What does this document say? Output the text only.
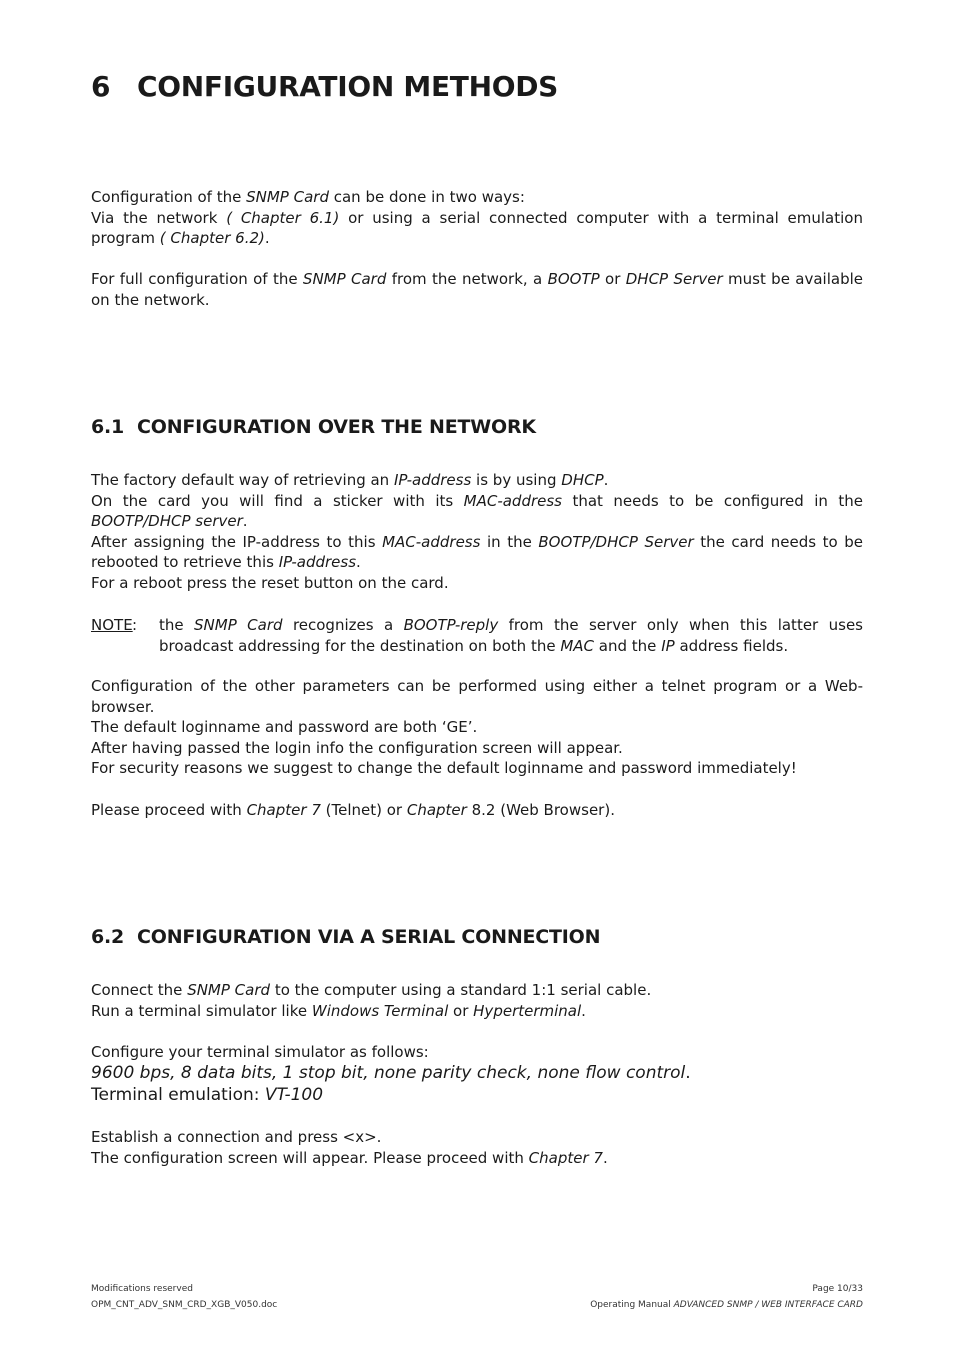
6 CONFIGURATION METHODS

Configuration of the SNMP Card can be done in two ways:

Via the network ( Chapter 6.1) or using a serial connected computer with a terminal emulation program ( Chapter 6.2).

For full configuration of the SNMP Card from the network, a BOOTP or DHCP Server must be available on the network.

6.1 CONFIGURATION OVER THE NETWORK

The factory default way of retrieving an IP-address is by using DHCP.

On the card you will find a sticker with its MAC-address that needs to be configured in the BOOTP/DHCP server.

After assigning the IP-address to this MAC-address in the BOOTP/DHCP Server the card needs to be rebooted to retrieve this IP-address.

For a reboot press the reset button on the card.

NOTE : the SNMP Card recognizes a BOOTP-reply from the server only when this latter uses broadcast addressing for the destination on both the MAC and the IP address fields.

Configuration of the other parameters can be performed using either a telnet program or a Web-browser.

The default loginname and password are both ‘GE’.

After having passed the login info the configuration screen will appear.

For security reasons we suggest to change the default loginname and password immediately!

Please proceed with Chapter 7 (Telnet) or Chapter 8.2 (Web Browser).

6.2 CONFIGURATION VIA A SERIAL CONNECTION

Connect the SNMP Card to the computer using a standard 1:1 serial cable.

Run a terminal simulator like Windows Terminal or Hyperterminal.

Configure your terminal simulator as follows:

9600 bps, 8 data bits, 1 stop bit, none parity check, none flow control.

Terminal emulation: VT-100

Establish a connection and press <x>.

The configuration screen will appear. Please proceed with Chapter 7.

Modifications reserved	Page 10/33
OPM_CNT_ADV_SNM_CRD_XGB_V050.doc	Operating Manual ADVANCED SNMP / WEB INTERFACE CARD
